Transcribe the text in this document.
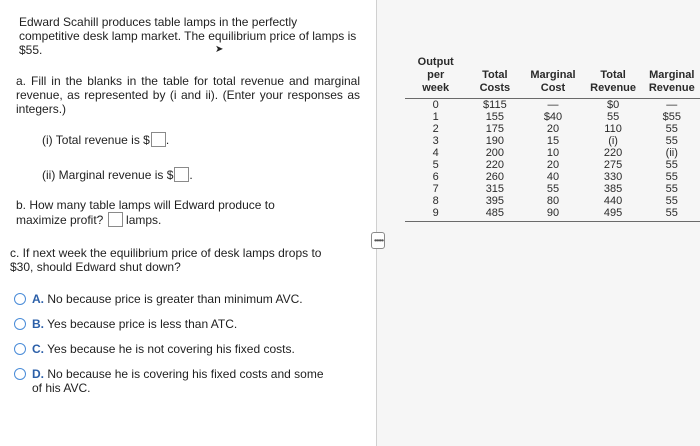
Edward Scahill produces table lamps in the perfectly competitive desk lamp market. The equilibrium price of lamps is $55.	➤
a. Fill in the blanks in the table for total revenue and marginal revenue, as represented by (i and ii). (Enter your responses as integers.)
(i) Total revenue is $ .
(ii) Marginal revenue is $ .
b. How many table lamps will Edward produce to maximize profit? lamps.
c. If next week the equilibrium price of desk lamps drops to $30, should Edward shut down?
A. No because price is greater than minimum AVC.
B. Yes because price is less than ATC.
C. Yes because he is not covering his fixed costs.
D. No because he is covering his fixed costs and some of his AVC.
•••••
Output per
week	Total
Costs	Marginal
Cost	Total
Revenue	Marginal
Revenue
0	$115	—	$0	—
1	155	$40	55	$55
2	175	20	110	55
3	190	15	(i)	55
4	200	10	220	(ii)
5	220	20	275	55
6	260	40	330	55
7	315	55	385	55
8	395	80	440	55
9	485	90	495	55
